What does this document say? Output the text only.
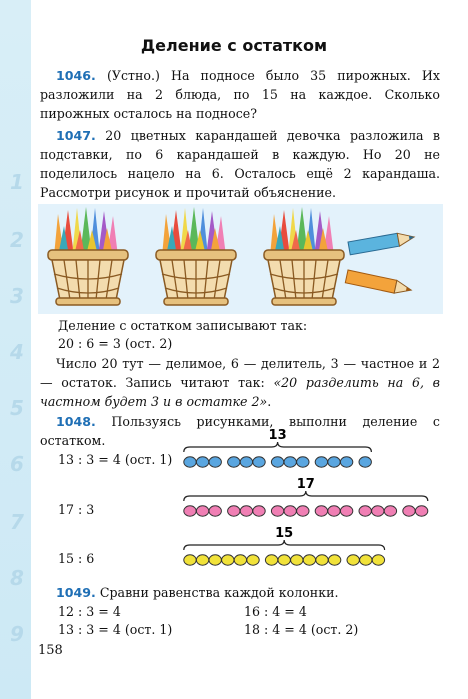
1
2
3
4
5
6
7
8
9
Деление с остатком
1046. (Устно.) На подносе было 35 пирожных. Их разложили на 2 блюда, по 15 на каждое. Сколько пирожных осталось на подносе?
1047. 20 цветных карандашей девочка разложила в подставки, по 6 карандашей в каждую. Но 20 не поделилось нацело на 6. Осталось ещё 2 карандаша. Рассмотри рисунок и прочитай объяснение.
Деление с остатком записывают так:
20 : 6 = 3 (ост. 2)
Число 20 тут — делимое, 6 — делитель, 3 — частное и 2 — остаток. Запись читают так: «20 разделить на 6, в частном будет 3 и в остатке 2».
1048. Пользуясь рисунками, выполни деление с остатком.
13 : 3 = 4 (ост. 1)
17 : 3
15 : 6
13
17
15
1049. Сравни равенства каждой колонки.
12 : 3 = 4
13 : 3 = 4 (ост. 1)
16 : 4 = 4
18 : 4 = 4 (ост. 2)
158
